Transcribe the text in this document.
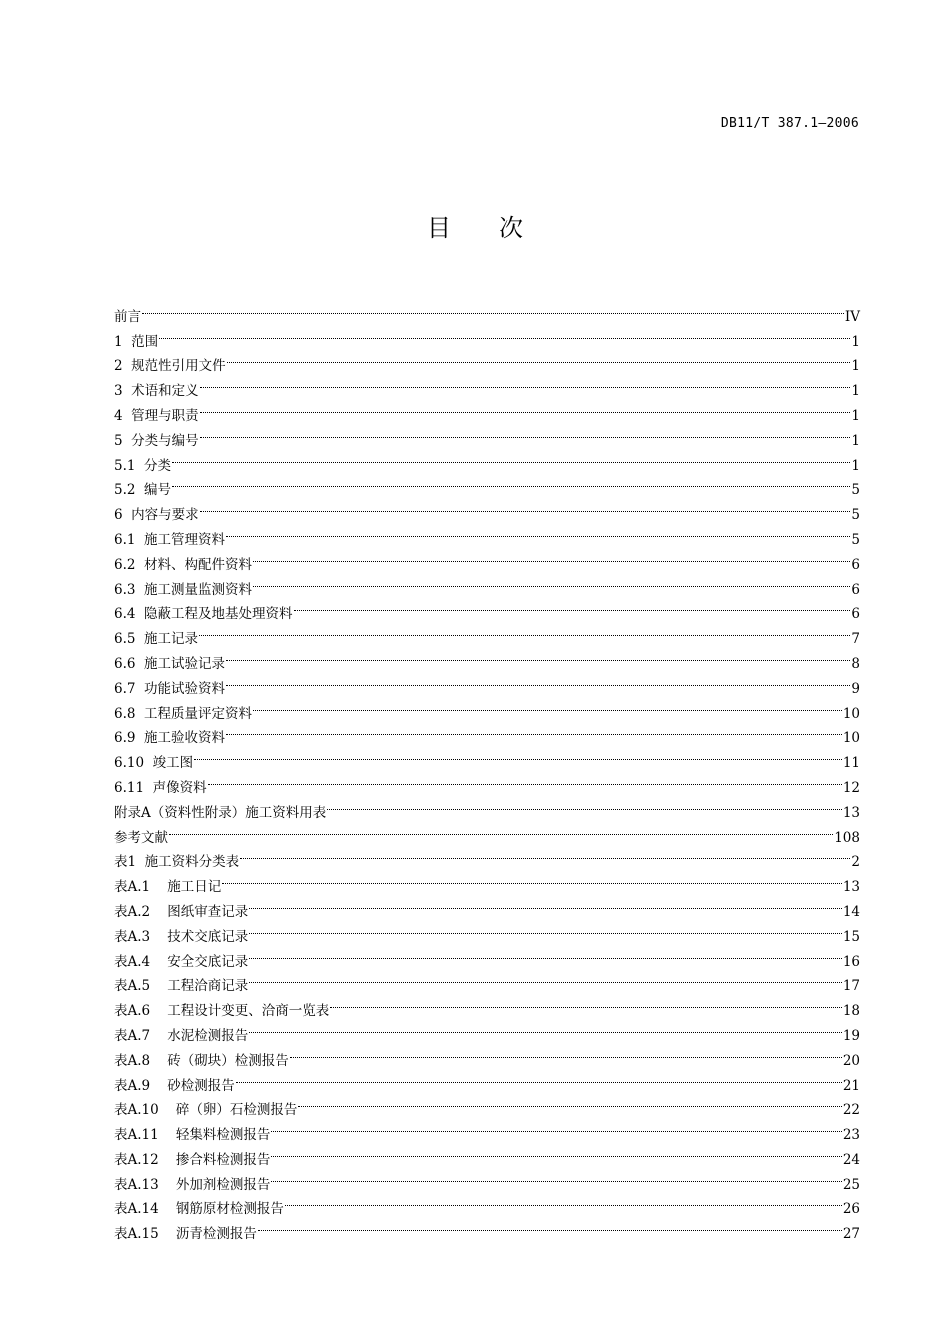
DB11/T 387.1—2006
目 次
前言	IV
1  范围	1
2  规范性引用文件	1
3  术语和定义	1
4  管理与职责	1
5  分类与编号	1
5.1  分类	1
5.2  编号	5
6  内容与要求	5
6.1  施工管理资料	5
6.2  材料、构配件资料	6
6.3  施工测量监测资料	6
6.4  隐蔽工程及地基处理资料	6
6.5  施工记录	7
6.6  施工试验记录	8
6.7  功能试验资料	9
6.8  工程质量评定资料	10
6.9  施工验收资料	10
6.10  竣工图	11
6.11  声像资料	12
附录A（资料性附录）施工资料用表	13
参考文献	108
表1  施工资料分类表	2
表A.1    施工日记	13
表A.2    图纸审查记录	14
表A.3    技术交底记录	15
表A.4    安全交底记录	16
表A.5    工程洽商记录	17
表A.6    工程设计变更、洽商一览表	18
表A.7    水泥检测报告	19
表A.8    砖（砌块）检测报告	20
表A.9    砂检测报告	21
表A.10    碎（卵）石检测报告	22
表A.11    轻集料检测报告	23
表A.12    掺合料检测报告	24
表A.13    外加剂检测报告	25
表A.14    钢筋原材检测报告	26
表A.15    沥青检测报告	27
